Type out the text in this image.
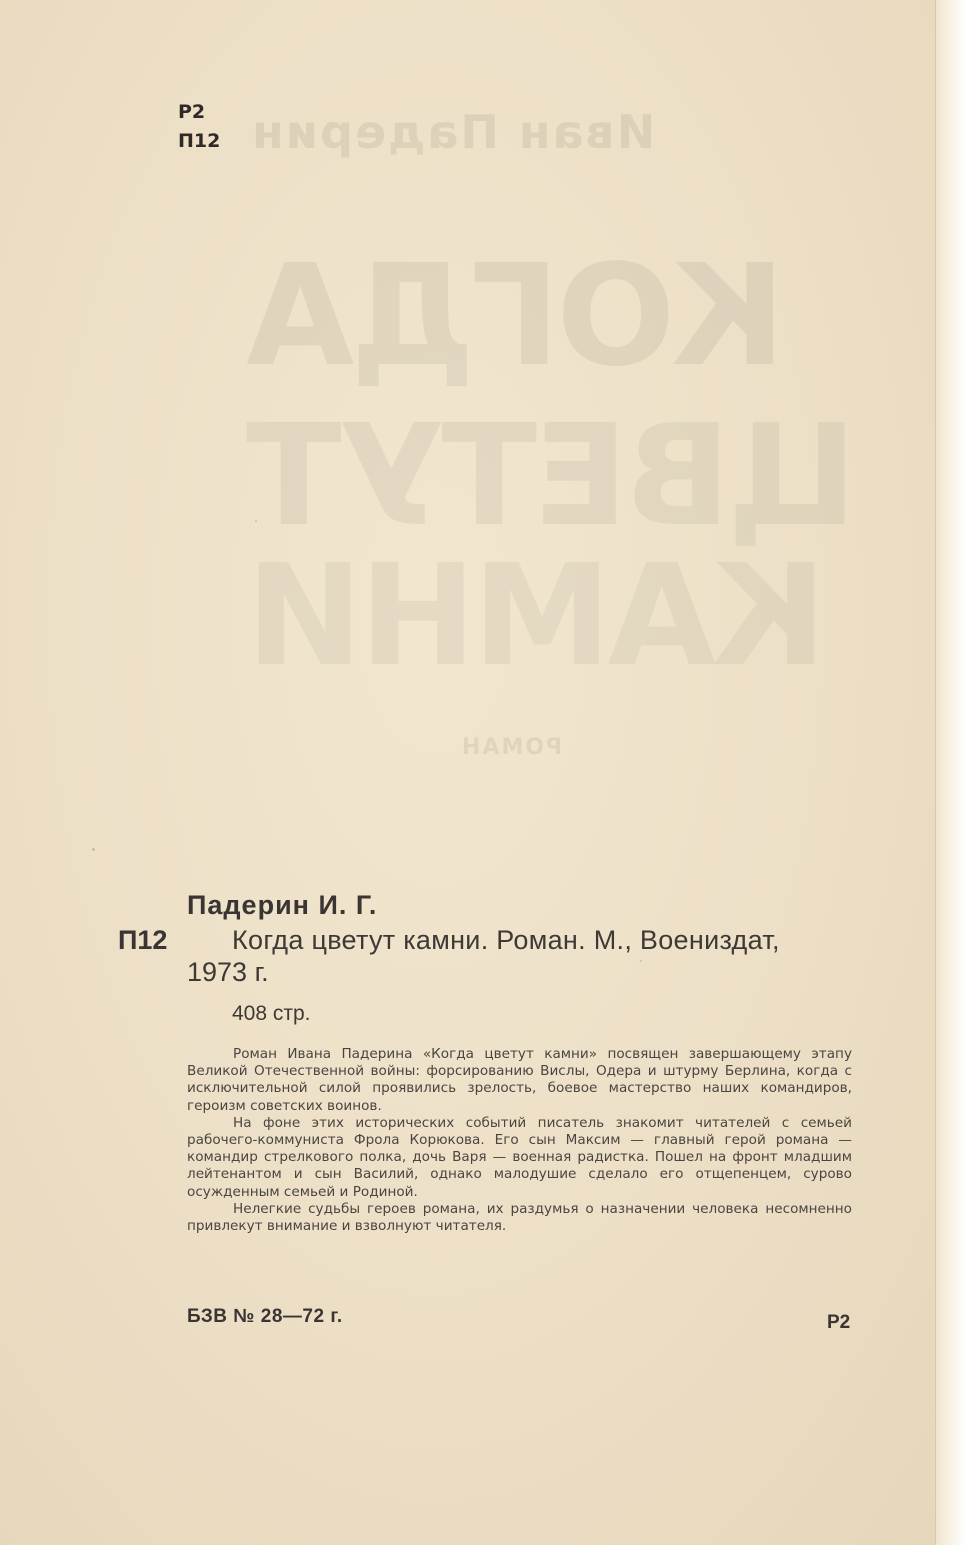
Иван Падерин
КОГДА
ЦВЕТУТ
КАМНИ
РОМАН
Р2
П12
Падерин И. Г.
П12 Когда цветут камни. Роман. М., Воениздат,
1973 г.
408 стр.

Роман Ивана Падерина «Когда цветут камни» посвящен завершающему этапу Великой Отечественной войны: форсированию Вислы, Одера и штурму Берлина, когда с исключительной силой проявились зрелость, боевое мастерство наших командиров, героизм советских воинов.

На фоне этих исторических событий писатель знакомит читателей с семьей рабочего-коммуниста Фрола Корюкова. Его сын Максим — главный герой романа — командир стрелкового полка, дочь Варя — военная радистка. Пошел на фронт младшим лейтенантом и сын Василий, однако малодушие сделало его отщепенцем, сурово осужденным семьей и Родиной.

Нелегкие судьбы героев романа, их раздумья о назначении человека несомненно привлекут внимание и взволнуют читателя.

БЗВ № 28—72 г.	Р2
